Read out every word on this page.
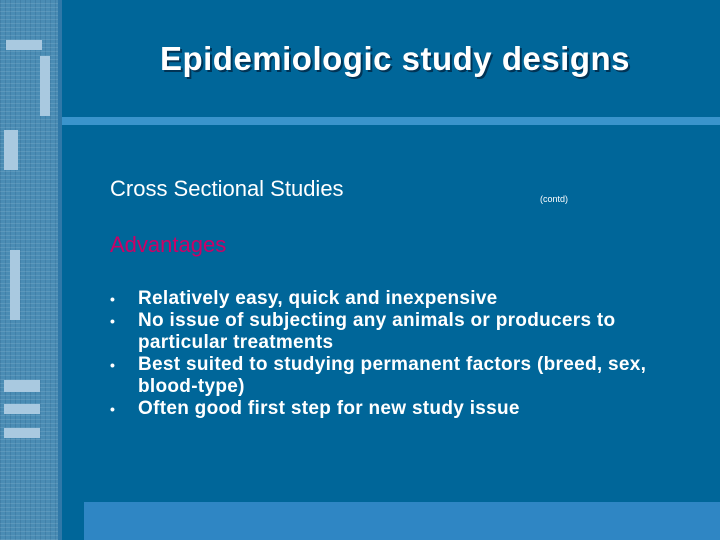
Epidemiologic study designs
Cross Sectional Studies	(contd)
Advantages
•	Relatively easy, quick and inexpensive
•	No issue of subjecting any animals or producers to particular treatments
•	Best suited to studying permanent factors (breed, sex, blood-type)
•	Often good first step for new study issue
